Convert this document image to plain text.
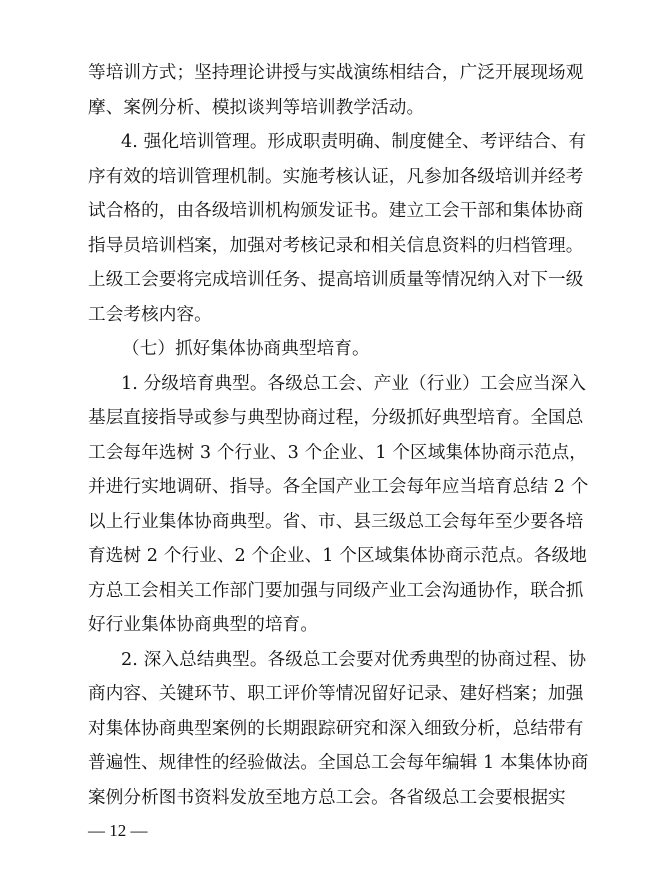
等培训方式；坚持理论讲授与实战演练相结合，广泛开展现场观
摩、案例分析、模拟谈判等培训教学活动。
4. 强化培训管理。形成职责明确、制度健全、考评结合、有
序有效的培训管理机制。实施考核认证，凡参加各级培训并经考
试合格的，由各级培训机构颁发证书。建立工会干部和集体协商
指导员培训档案，加强对考核记录和相关信息资料的归档管理。
上级工会要将完成培训任务、提高培训质量等情况纳入对下一级
工会考核内容。
（七）抓好集体协商典型培育。
1. 分级培育典型。各级总工会、产业（行业）工会应当深入
基层直接指导或参与典型协商过程，分级抓好典型培育。全国总
工会每年选树 3 个行业、3 个企业、1 个区域集体协商示范点，
并进行实地调研、指导。各全国产业工会每年应当培育总结 2 个
以上行业集体协商典型。省、市、县三级总工会每年至少要各培
育选树 2 个行业、2 个企业、1 个区域集体协商示范点。各级地
方总工会相关工作部门要加强与同级产业工会沟通协作，联合抓
好行业集体协商典型的培育。
2. 深入总结典型。各级总工会要对优秀典型的协商过程、协
商内容、关键环节、职工评价等情况留好记录、建好档案；加强
对集体协商典型案例的长期跟踪研究和深入细致分析，总结带有
普遍性、规律性的经验做法。全国总工会每年编辑 1 本集体协商
案例分析图书资料发放至地方总工会。各省级总工会要根据实
— 12 —
